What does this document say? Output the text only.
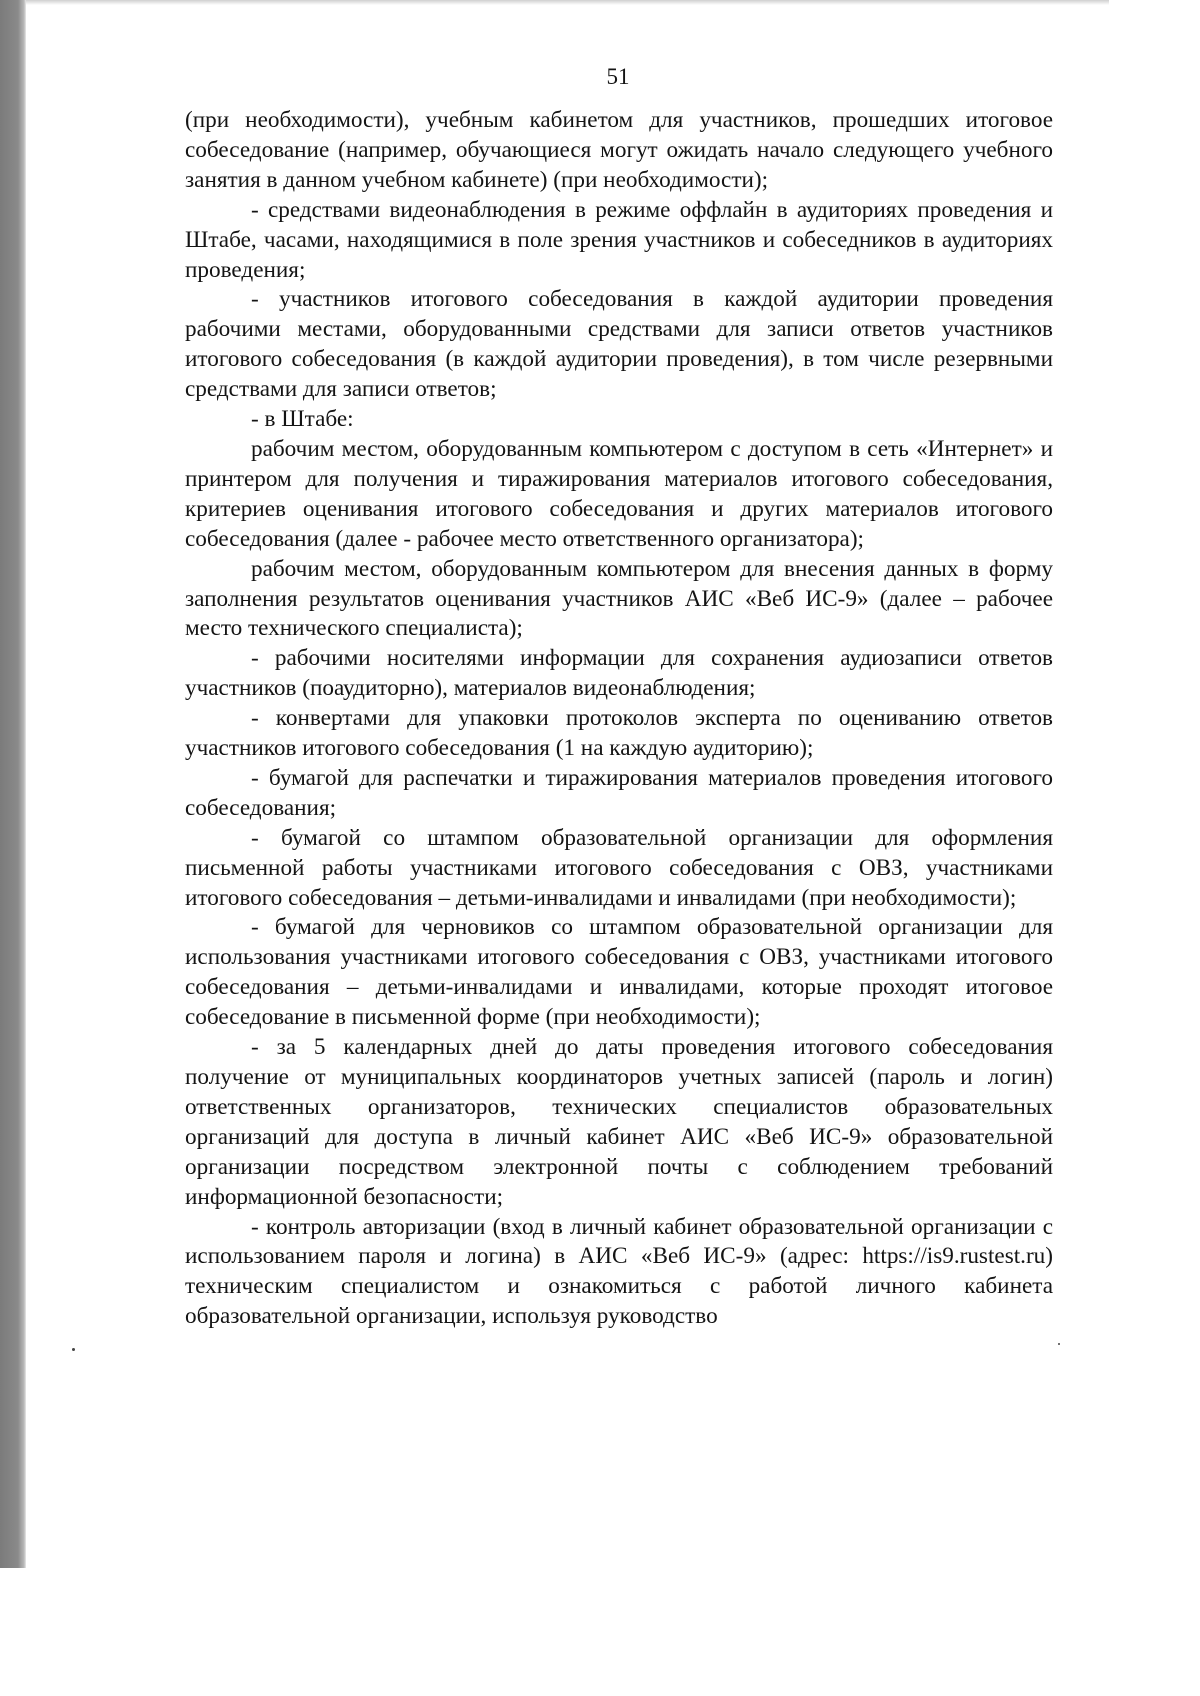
51

(при необходимости), учебным кабинетом для участников, прошедших итоговое собеседование (например, обучающиеся могут ожидать начало следующего учебного занятия в данном учебном кабинете) (при необходимости);

- средствами видеонаблюдения в режиме оффлайн в аудиториях проведения и Штабе, часами, находящимися в поле зрения участников и собеседников в аудиториях проведения;

- участников итогового собеседования в каждой аудитории проведения рабочими местами, оборудованными средствами для записи ответов участников итогового собеседования (в каждой аудитории проведения), в том числе резервными средствами для записи ответов;

- в Штабе:

рабочим местом, оборудованным компьютером с доступом в сеть «Интернет» и принтером для получения и тиражирования материалов итогового собеседования, критериев оценивания итогового собеседования и других материалов итогового собеседования (далее - рабочее место ответственного организатора);

рабочим местом, оборудованным компьютером для внесения данных в форму заполнения результатов оценивания участников АИС «Веб ИС-9» (далее – рабочее место технического специалиста);

- рабочими носителями информации для сохранения аудиозаписи ответов участников (поаудиторно), материалов видеонаблюдения;

- конвертами для упаковки протоколов эксперта по оцениванию ответов участников итогового собеседования (1 на каждую аудиторию);

- бумагой для распечатки и тиражирования материалов проведения итогового собеседования;

- бумагой со штампом образовательной организации для оформления письменной работы участниками итогового собеседования с ОВЗ, участниками итогового собеседования – детьми-инвалидами и инвалидами (при необходимости);

- бумагой для черновиков со штампом образовательной организации для использования участниками итогового собеседования с ОВЗ, участниками итогового собеседования – детьми-инвалидами и инвалидами, которые проходят итоговое собеседование в письменной форме (при необходимости);

- за 5 календарных дней до даты проведения итогового собеседования получение от муниципальных координаторов учетных записей (пароль и логин) ответственных организаторов, технических специалистов образовательных организаций для доступа в личный кабинет АИС «Веб ИС-9» образовательной организации посредством электронной почты с соблюдением требований информационной безопасности;

- контроль авторизации (вход в личный кабинет образовательной организации с использованием пароля и логина) в АИС «Веб ИС-9» (адрес: https://is9.rustest.ru) техническим специалистом и ознакомиться с работой личного кабинета образовательной организации, используя руководство
